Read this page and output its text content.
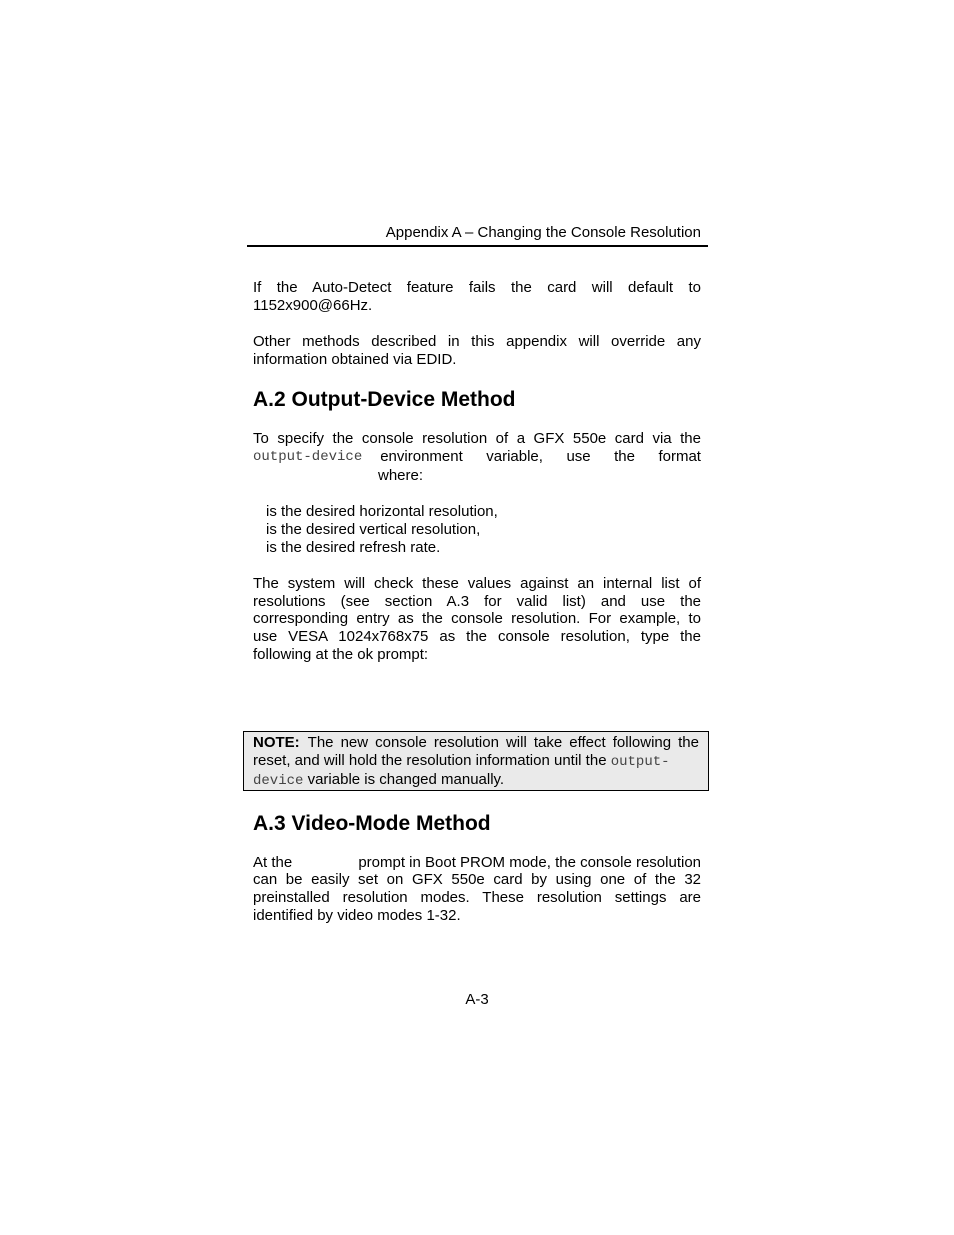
Appendix A – Changing the Console Resolution

If the Auto-Detect feature fails the card will default to

1152x900@66Hz.

Other methods described in this appendix will override any

information obtained via EDID.

A.2 Output-Device Method

To specify the console resolution of a GFX 550e card via the

output-device environment variable, use the format
where:
is the desired horizontal resolution,
is the desired vertical resolution,
is the desired refresh rate.

The system will check these values against an internal list of

resolutions (see section A.3 for valid list) and use the

corresponding entry as the console resolution. For example, to

use VESA 1024x768x75 as the console resolution, type the

following at the ok prompt:

NOTE: The new console resolution will take effect following the
reset, and will hold the resolution information until the output-
device variable is changed manually.
A.3 Video-Mode Method
At the	prompt in Boot PROM mode, the console resolution

can be easily set on GFX 550e card by using one of the 32

preinstalled resolution modes. These resolution settings are

identified by video modes 1-32.

A-3
